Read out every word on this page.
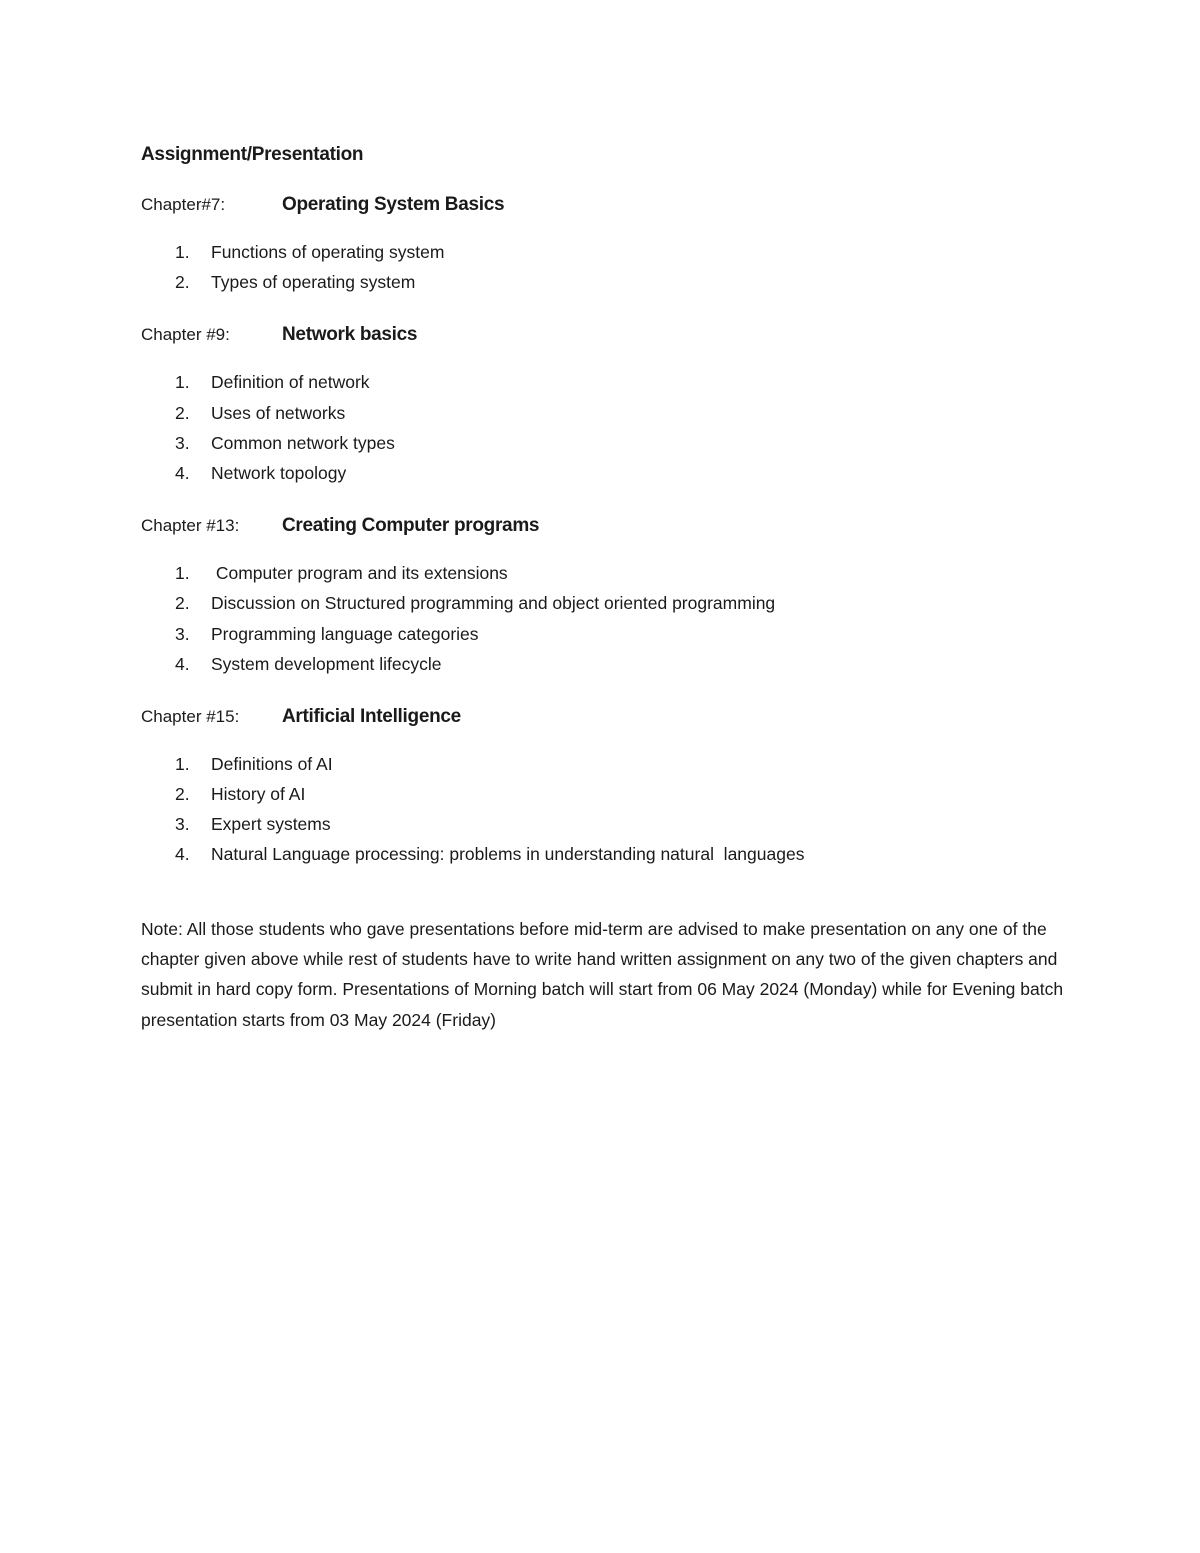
Assignment/Presentation
Chapter#7:	Operating System Basics
1.	Functions of operating system
2.	Types of operating system
Chapter #9:	Network basics
1.	Definition of network
2.	Uses of networks
3.	Common network types
4.	Network topology
Chapter #13:	Creating Computer programs
1.	Computer program and its extensions
2.	Discussion on Structured programming and object oriented programming
3.	Programming language categories
4.	System development lifecycle
Chapter #15:	Artificial Intelligence
1.	Definitions of AI
2.	History of AI
3.	Expert systems
4.	Natural Language processing: problems in understanding natural  languages

Note: All those students who gave presentations before mid-term are advised to make presentation on any one of the chapter given above while rest of students have to write hand written assignment on any two of the given chapters and submit in hard copy form. Presentations of Morning batch will start from 06 May 2024 (Monday) while for Evening batch presentation starts from 03 May 2024 (Friday)
